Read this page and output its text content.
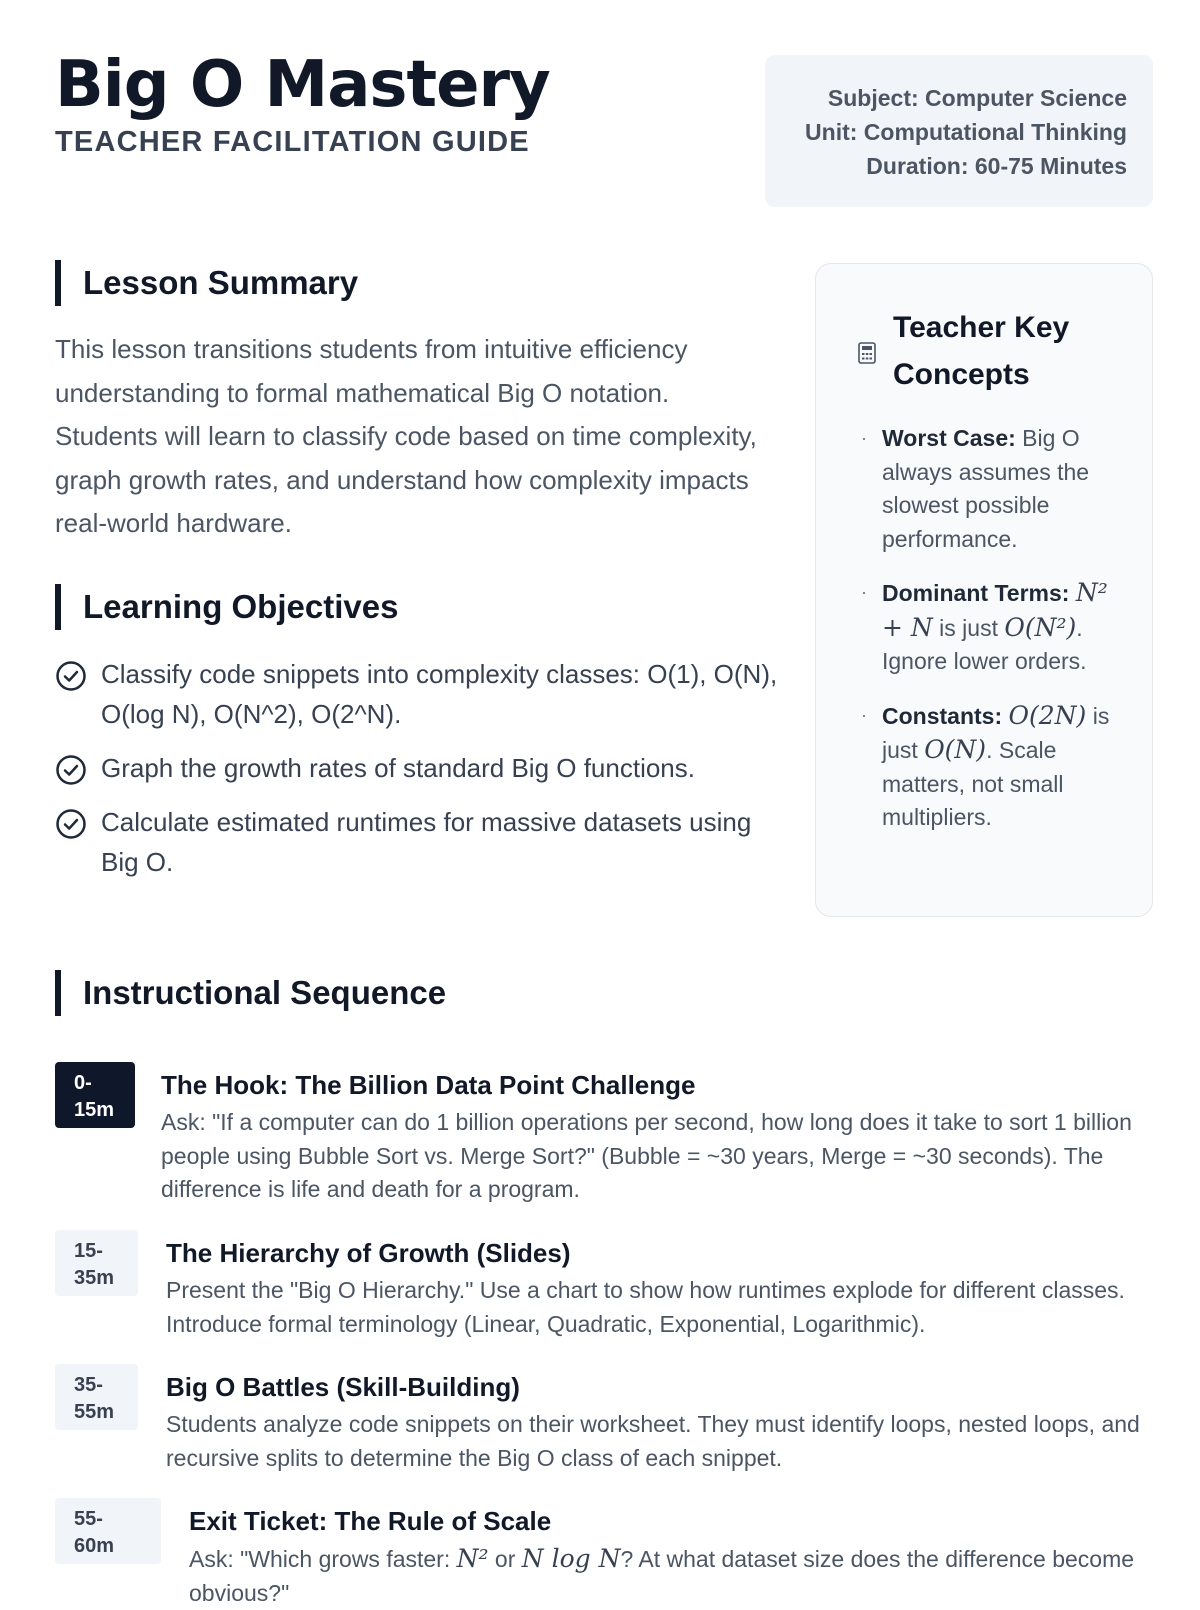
Big O Mastery
TEACHER FACILITATION GUIDE
Subject: Computer Science
Unit: Computational Thinking
Duration: 60-75 Minutes
Lesson Summary

This lesson transitions students from intuitive efficiency understanding to formal mathematical Big O notation. Students will learn to classify code based on time complexity, graph growth rates, and understand how complexity impacts real-world hardware.

Learning Objectives
Classify code snippets into complexity classes: O(1), O(N), O(log N), O(N^2), O(2^N).
Graph the growth rates of standard Big O functions.
Calculate estimated runtimes for massive datasets using Big O.
Teacher Key Concepts
· Worst Case: Big O always assumes the slowest possible performance.
· Dominant Terms: N² + N is just O(N²). Ignore lower orders.
· Constants: O(2N) is just O(N). Scale matters, not small multipliers.
Instructional Sequence
0-
15m
The Hook: The Billion Data Point Challenge

Ask: "If a computer can do 1 billion operations per second, how long does it take to sort 1 billion people using Bubble Sort vs. Merge Sort?" (Bubble = ~30 years, Merge = ~30 seconds). The difference is life and death for a program.

15-
35m
The Hierarchy of Growth (Slides)

Present the "Big O Hierarchy." Use a chart to show how runtimes explode for different classes. Introduce formal terminology (Linear, Quadratic, Exponential, Logarithmic).

35-
55m
Big O Battles (Skill-Building)

Students analyze code snippets on their worksheet. They must identify loops, nested loops, and recursive splits to determine the Big O class of each snippet.

55-
60m
Exit Ticket: The Rule of Scale

Ask: "Which grows faster: N² or N log N? At what dataset size does the difference become obvious?"
